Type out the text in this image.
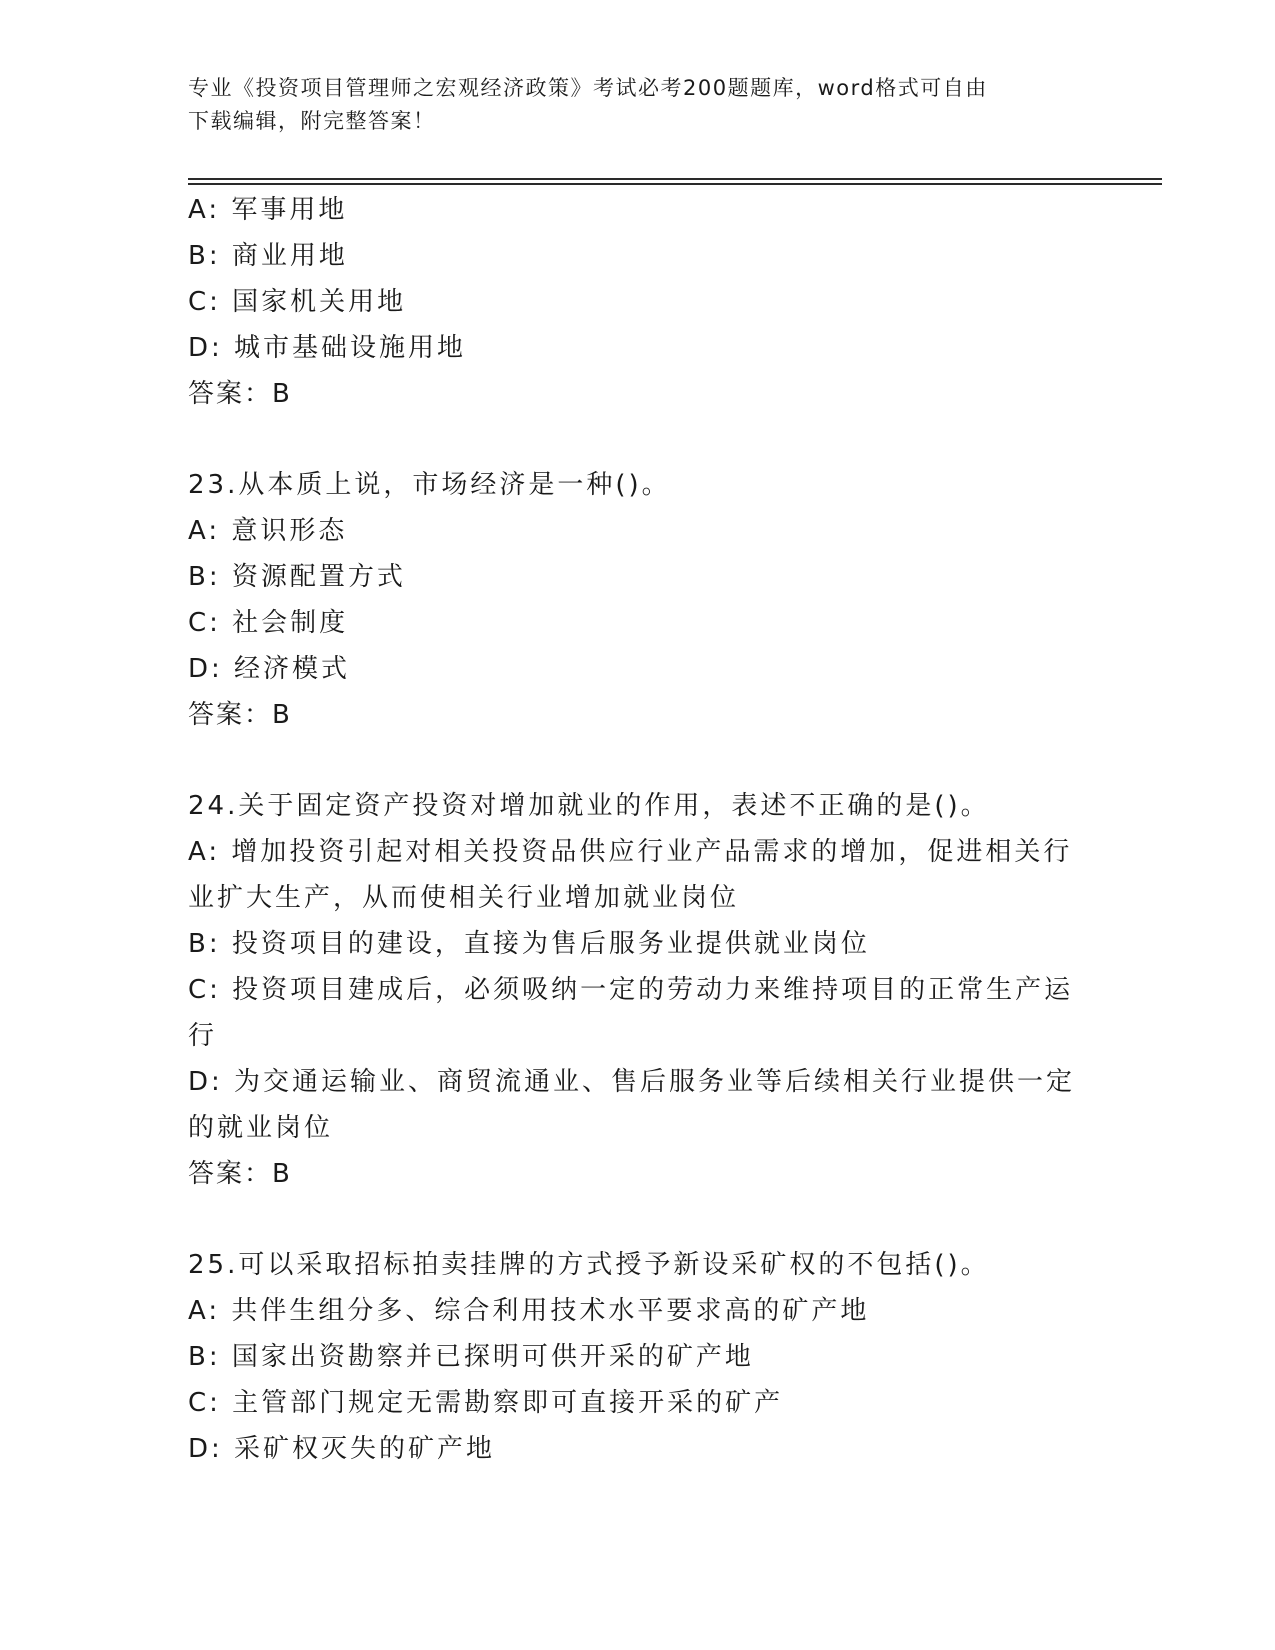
专业《投资项目管理师之宏观经济政策》考试必考200题题库，word格式可自由
下载编辑，附完整答案！
A: 军事用地
B: 商业用地
C: 国家机关用地
D: 城市基础设施用地
答案：B
23.从本质上说，市场经济是一种()。
A: 意识形态
B: 资源配置方式
C: 社会制度
D: 经济模式
答案：B
24.关于固定资产投资对增加就业的作用，表述不正确的是()。
A: 增加投资引起对相关投资品供应行业产品需求的增加，促进相关行
业扩大生产，从而使相关行业增加就业岗位
B: 投资项目的建设，直接为售后服务业提供就业岗位
C: 投资项目建成后，必须吸纳一定的劳动力来维持项目的正常生产运
行
D: 为交通运输业、商贸流通业、售后服务业等后续相关行业提供一定
的就业岗位
答案：B
25.可以采取招标拍卖挂牌的方式授予新设采矿权的不包括()。
A: 共伴生组分多、综合利用技术水平要求高的矿产地
B: 国家出资勘察并已探明可供开采的矿产地
C: 主管部门规定无需勘察即可直接开采的矿产
D: 采矿权灭失的矿产地
